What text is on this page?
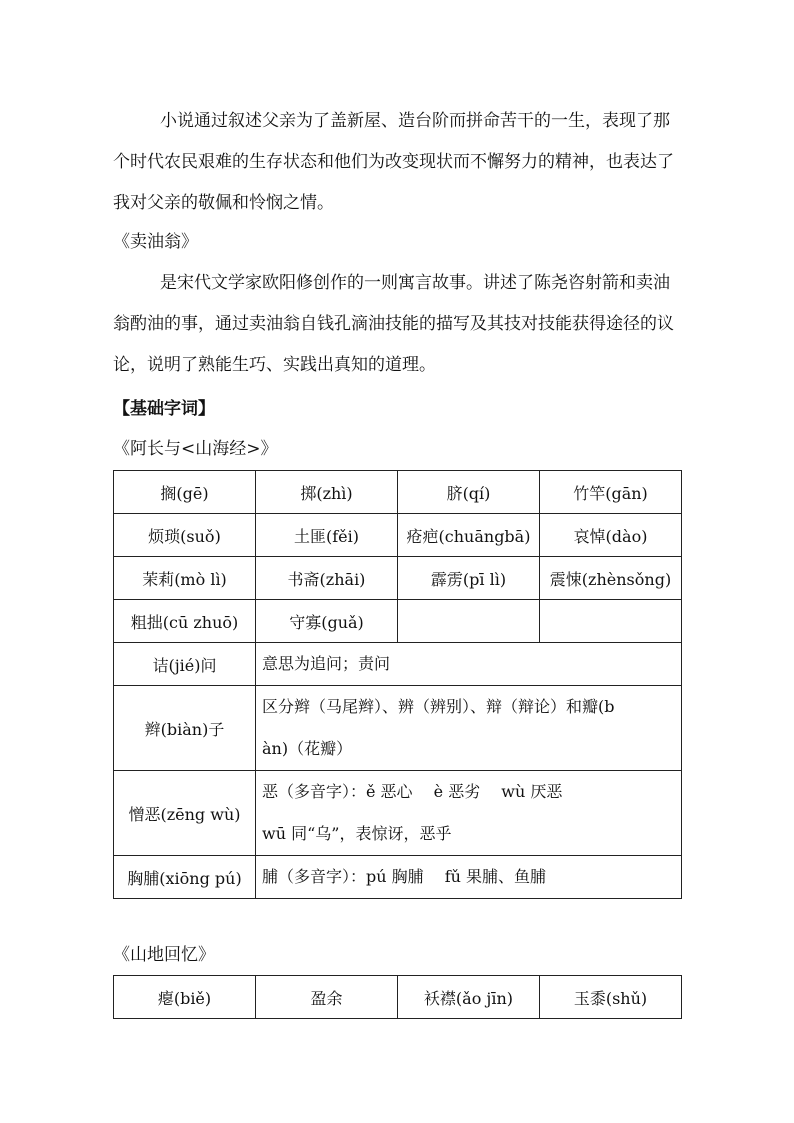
小说通过叙述父亲为了盖新屋、造台阶而拼命苦干的一生，表现了那个时代农民艰难的生存状态和他们为改变现状而不懈努力的精神，也表达了我对父亲的敬佩和怜悯之情。

《卖油翁》

是宋代文学家欧阳修创作的一则寓言故事。讲述了陈尧咨射箭和卖油翁酌油的事，通过卖油翁自钱孔滴油技能的描写及其技对技能获得途径的议论，说明了熟能生巧、实践出真知的道理。

【基础字词】
《阿长与<山海经>》
搁(gē)	掷(zhì)	脐(qí)	竹竿(gān)
烦琐(suǒ)	土匪(fěi)	疮疤(chuāngbā)	哀悼(dào)
茉莉(mò lì)	书斋(zhāi)	霹雳(pī lì)	震悚(zhènsǒng)
粗拙(cū zhuō)	守寡(guǎ)		
诘(jié)问	意思为追问；责问		

辫(biàn)子	区分辫（马尾辫）、辨（辨别）、辩（辩论）和瓣(b
àn)（花瓣）		

憎恶(zēng wù)	恶（多音字）：ě 恶心　 è 恶劣　 wù 厌恶
wū 同“乌”，表惊讶，恶乎		

胸脯(xiōng pú)	脯（多音字）：pú 胸脯　 fǔ 果脯、鱼脯		
《山地回忆》
瘪(biě)	盈余	袄襟(ǎo jīn)	玉黍(shǔ)
